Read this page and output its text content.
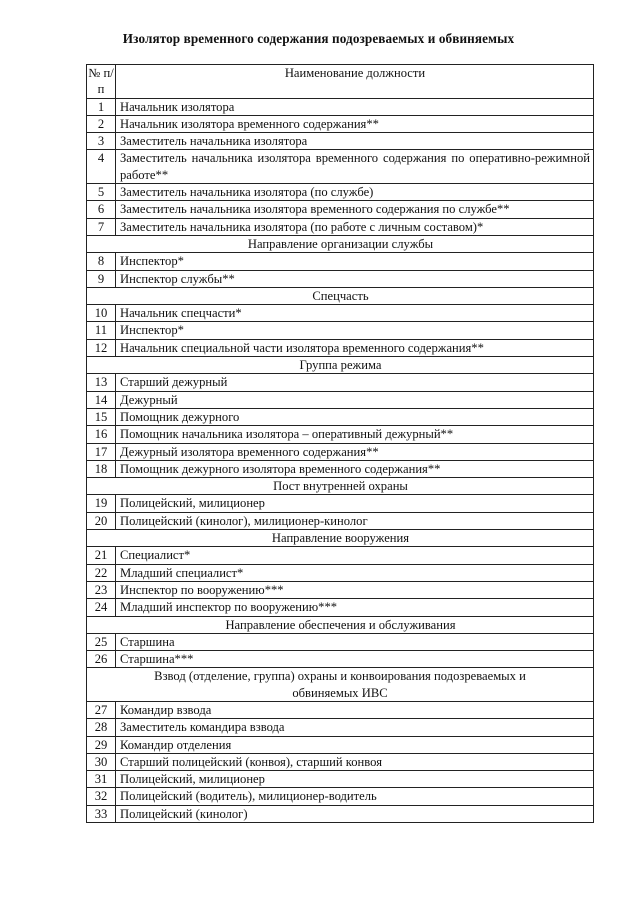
Изолятор временного содержания подозреваемых и обвиняемых
№ п/п	Наименование должности
1	Начальник изолятора
2	Начальник изолятора временного содержания**
3	Заместитель начальника изолятора
4	Заместитель начальника изолятора временного содержания по оперативно-режимной работе**
5	Заместитель начальника изолятора (по службе)
6	Заместитель начальника изолятора временного содержания по службе**
7	Заместитель начальника изолятора (по работе с личным составом)*
Направление организации службы	
8	Инспектор*
9	Инспектор службы**
Спецчасть	
10	Начальник спецчасти*
11	Инспектор*
12	Начальник специальной части изолятора временного содержания**
Группа режима	
13	Старший дежурный
14	Дежурный
15	Помощник дежурного
16	Помощник начальника изолятора – оперативный дежурный**
17	Дежурный изолятора временного содержания**
18	Помощник дежурного изолятора временного содержания**
Пост внутренней охраны	
19	Полицейский, милиционер
20	Полицейский (кинолог), милиционер-кинолог
Направление вооружения	
21	Специалист*
22	Младший специалист*
23	Инспектор по вооружению***
24	Младший инспектор по вооружению***
Направление обеспечения и обслуживания	
25	Старшина
26	Старшина***
Взвод (отделение, группа) охраны и конвоирования подозреваемых и обвиняемых ИВС	
27	Командир взвода
28	Заместитель командира взвода
29	Командир отделения
30	Старший полицейский (конвоя), старший конвоя
31	Полицейский, милиционер
32	Полицейский (водитель), милиционер-водитель
33	Полицейский (кинолог)
